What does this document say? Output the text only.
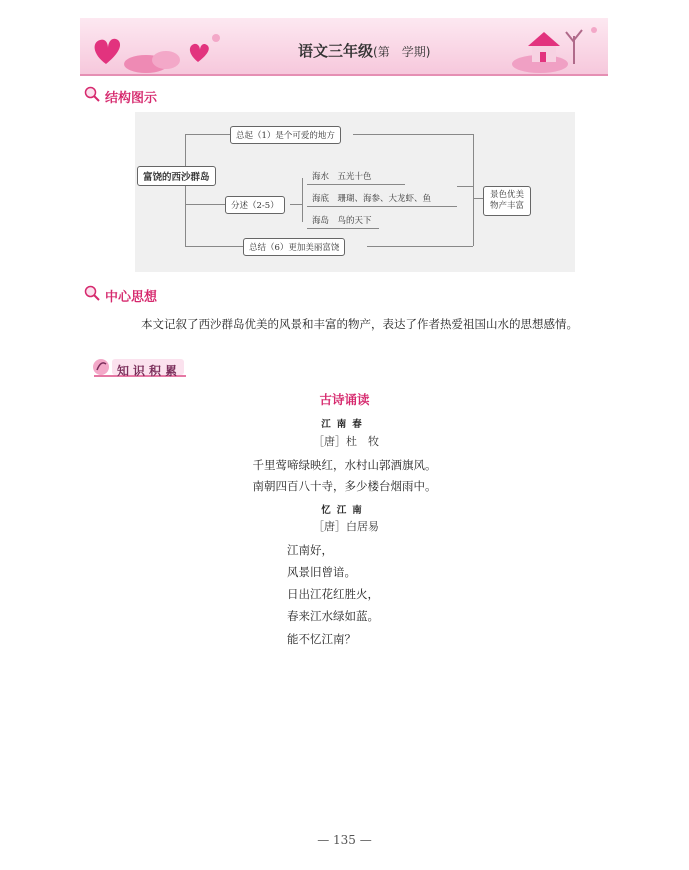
语文三年级(第　学期)
结构图示
富饶的西沙群岛
总起（1）是个可爱的地方
分述（2-5）
海水　五光十色
海底　珊瑚、海参、大龙虾、鱼
海岛　鸟的天下
景色优美
物产丰富
总结（6）更加美丽富饶
中心思想
本文记叙了西沙群岛优美的风景和丰富的物产，表达了作者热爱祖国山水的思想感情。
知识积累
古诗诵读
江南春
［唐］杜　牧
千里莺啼绿映红，水村山郭酒旗风。
南朝四百八十寺，多少楼台烟雨中。
忆江南
［唐］白居易
江南好，
风景旧曾谙。
日出江花红胜火，
春来江水绿如蓝。
能不忆江南？
— 135 —
